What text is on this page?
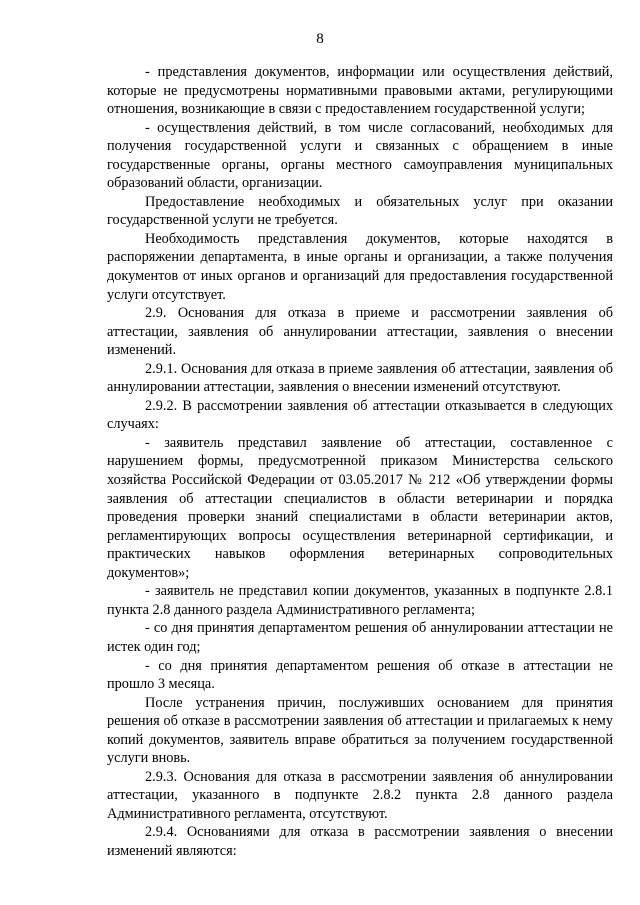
8

- представления документов, информации или осуществления действий, которые не предусмотрены нормативными правовыми актами, регулирующими отношения, возникающие в связи с предоставлением государственной услуги;

- осуществления действий, в том числе согласований, необходимых для получения государственной услуги и связанных с обращением в иные государственные органы, органы местного самоуправления муниципальных образований области, организации.

Предоставление необходимых и обязательных услуг при оказании государственной услуги не требуется.

Необходимость представления документов, которые находятся в распоряжении департамента, в иные органы и организации, а также получения документов от иных органов и организаций для предоставления государственной услуги отсутствует.

2.9. Основания для отказа в приеме и рассмотрении заявления об аттестации, заявления об аннулировании аттестации, заявления о внесении изменений.

2.9.1. Основания для отказа в приеме заявления об аттестации, заявления об аннулировании аттестации, заявления о внесении изменений отсутствуют.

2.9.2. В рассмотрении заявления об аттестации отказывается в следующих случаях:

- заявитель представил заявление об аттестации, составленное с нарушением формы, предусмотренной приказом Министерства сельского хозяйства Российской Федерации от 03.05.2017 № 212 «Об утверждении формы заявления об аттестации специалистов в области ветеринарии и порядка проведения проверки знаний специалистами в области ветеринарии актов, регламентирующих вопросы осуществления ветеринарной сертификации, и практических навыков оформления ветеринарных сопроводительных документов»;

- заявитель не представил копии документов, указанных в подпункте 2.8.1 пункта 2.8 данного раздела Административного регламента;

- со дня принятия департаментом решения об аннулировании аттестации не истек один год;

- со дня принятия департаментом решения об отказе в аттестации не прошло 3 месяца.

После устранения причин, послуживших основанием для принятия решения об отказе в рассмотрении заявления об аттестации и прилагаемых к нему копий документов, заявитель вправе обратиться за получением государственной услуги вновь.

2.9.3. Основания для отказа в рассмотрении заявления об аннулировании аттестации, указанного в подпункте 2.8.2 пункта 2.8 данного раздела Административного регламента, отсутствуют.

2.9.4. Основаниями для отказа в рассмотрении заявления о внесении изменений являются:
